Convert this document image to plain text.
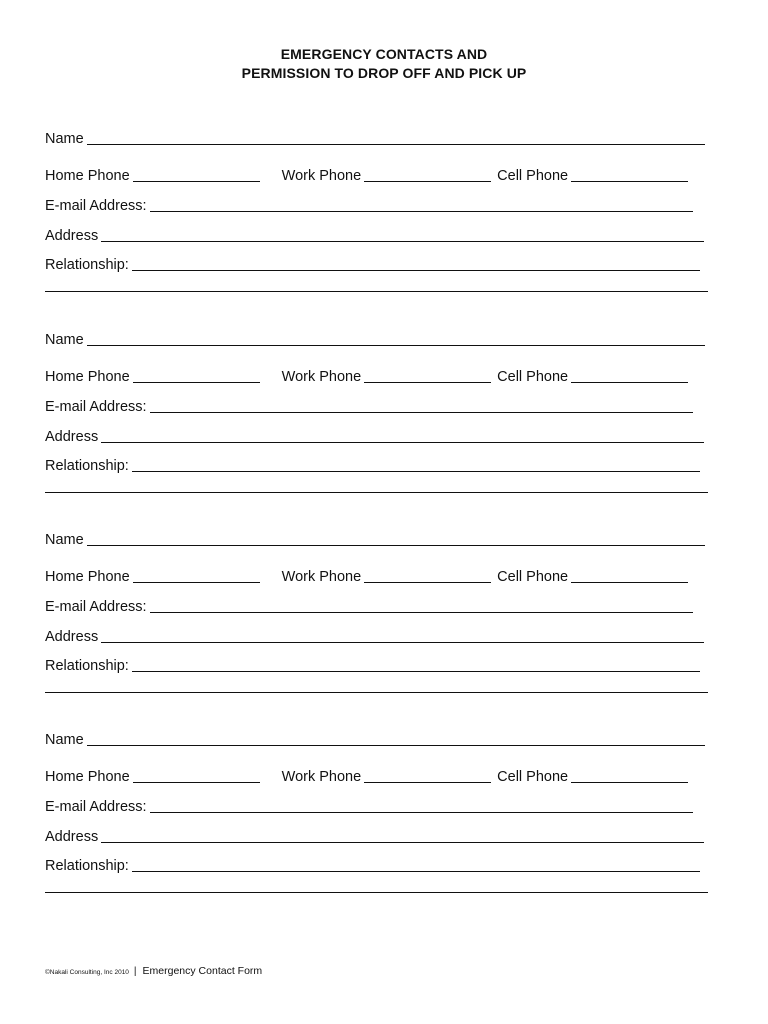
EMERGENCY CONTACTS AND
PERMISSION TO DROP OFF AND PICK UP
Name
Home Phone	Work Phone	Cell Phone
E-mail Address:
Address
Relationship:
Name
Home Phone	Work Phone	Cell Phone
E-mail Address:
Address
Relationship:
Name
Home Phone	Work Phone	Cell Phone
E-mail Address:
Address
Relationship:
Name
Home Phone	Work Phone	Cell Phone
E-mail Address:
Address
Relationship:
©Nakali Consulting, Inc 2010 | Emergency Contact Form
